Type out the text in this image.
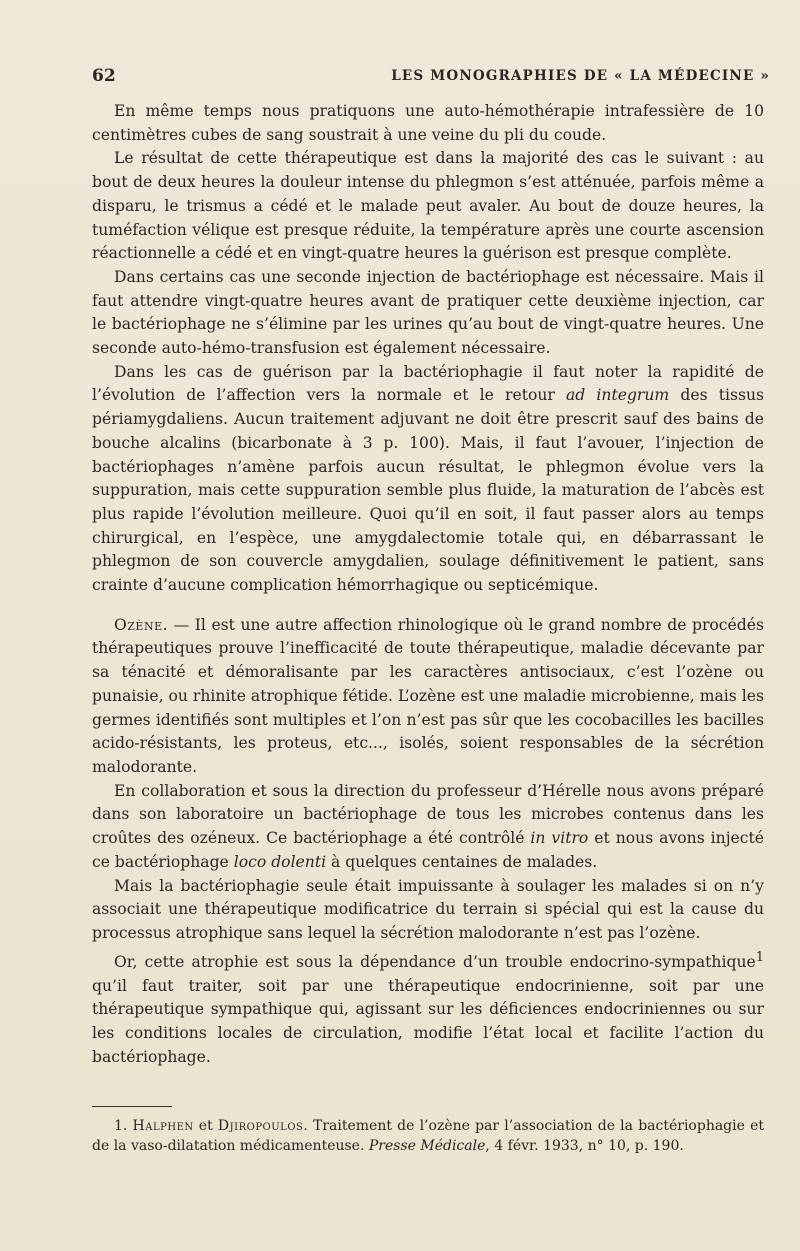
62	LES MONOGRAPHIES DE « LA MÉDECINE »

En même temps nous pratiquons une auto-hémothérapie intrafessière de 10 centimètres cubes de sang soustrait à une veine du pli du coude.

Le résultat de cette thérapeutique est dans la majorité des cas le suivant : au bout de deux heures la douleur intense du phlegmon s’est atténuée, parfois même a disparu, le trismus a cédé et le malade peut avaler. Au bout de douze heures, la tuméfaction vélique est presque réduite, la température après une courte ascension réactionnelle a cédé et en vingt-quatre heures la guérison est presque complète.

Dans certains cas une seconde injection de bactériophage est nécessaire. Mais il faut attendre vingt-quatre heures avant de pratiquer cette deuxième injection, car le bactériophage ne s’élimine par les urines qu’au bout de vingt-quatre heures. Une seconde auto-hémo-transfusion est également nécessaire.

Dans les cas de guérison par la bactériophagie il faut noter la rapidité de l’évolution de l’affection vers la normale et le retour ad integrum des tissus périamygdaliens. Aucun traitement adjuvant ne doit être prescrit sauf des bains de bouche alcalins (bicarbonate à 3 p. 100). Mais, il faut l’avouer, l’injection de bactériophages n’amène parfois aucun résultat, le phlegmon évolue vers la suppuration, mais cette suppuration semble plus fluide, la maturation de l’abcès est plus rapide l’évolution meilleure. Quoi qu’il en soit, il faut passer alors au temps chirurgical, en l’espèce, une amygdalectomie totale qui, en débarrassant le phlegmon de son couvercle amygdalien, soulage définitivement le patient, sans crainte d’aucune complication hémorrhagique ou septicémique.

Ozène. — Il est une autre affection rhinologique où le grand nombre de procédés thérapeutiques prouve l’inefficacité de toute thérapeutique, maladie décevante par sa ténacité et démoralisante par les caractères antisociaux, c’est l’ozène ou punaisie, ou rhinite atrophique fétide. L’ozène est une maladie microbienne, mais les germes identifiés sont multiples et l’on n’est pas sûr que les cocobacilles les bacilles acido-résistants, les proteus, etc..., isolés, soient responsables de la sécrétion malodorante.

En collaboration et sous la direction du professeur d’Hérelle nous avons préparé dans son laboratoire un bactériophage de tous les microbes contenus dans les croûtes des ozéneux. Ce bactériophage a été contrôlé in vitro et nous avons injecté ce bactériophage loco dolenti à quelques centaines de malades.

Mais la bactériophagie seule était impuissante à soulager les malades si on n’y associait une thérapeutique modificatrice du terrain si spécial qui est la cause du processus atrophique sans lequel la sécrétion malodorante n’est pas l’ozène.

Or, cette atrophie est sous la dépendance d’un trouble endocrino-sympathique$^1$ qu’il faut traiter, soit par une thérapeutique endocrinienne, soit par une thérapeutique sympathique qui, agissant sur les déficiences endocriniennes ou sur les conditions locales de circulation, modifie l’état local et facilite l’action du bactériophage.

1. Halphen et Djiropoulos. Traitement de l’ozène par l’association de la bactériophagie et de la vaso-dilatation médicamenteuse. Presse Médicale, 4 févr. 1933, n° 10, p. 190.
